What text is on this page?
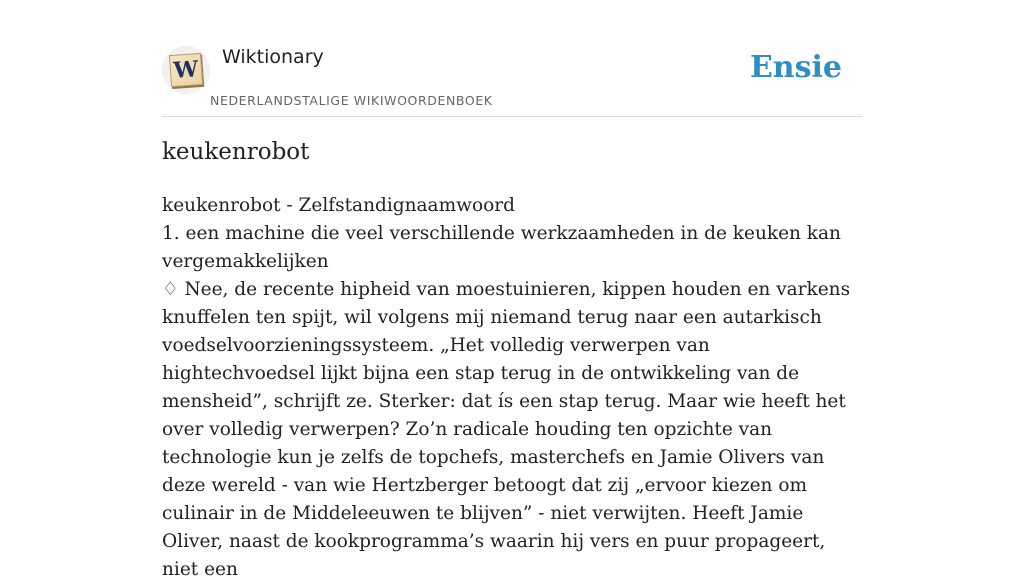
W Wiktionary
NEDERLANDSTALIGE WIKIWOORDENBOEK
Ensie
keukenrobot

keukenrobot - Zelfstandignaamwoord

1. een machine die veel verschillende werkzaamheden in de keuken kan vergemakkelijken

♢ Nee, de recente hipheid van moestuinieren, kippen houden en varkens knuffelen ten spijt, wil volgens mij niemand terug naar een autarkisch voedselvoorzieningssysteem. „Het volledig verwerpen van hightechvoedsel lijkt bijna een stap terug in de ontwikkeling van de mensheid”, schrijft ze. Sterker: dat ís een stap terug. Maar wie heeft het over volledig verwerpen? Zo’n radicale houding ten opzichte van technologie kun je zelfs de topchefs, masterchefs en Jamie Olivers van deze wereld - van wie Hertzberger betoogt dat zij „ervoor kiezen om culinair in de Middeleeuwen te blijven” - niet verwijten. Heeft Jamie Oliver, naast de kookprogramma’s waarin hij vers en puur propageert, niet een
